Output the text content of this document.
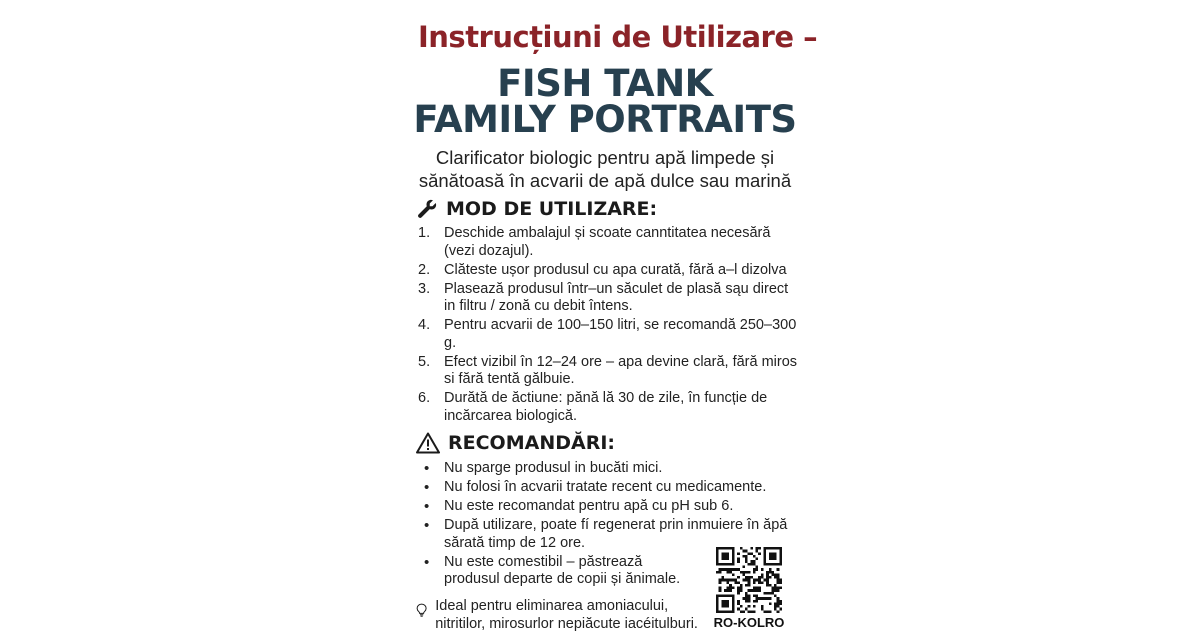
Instrucțiuni de Utilizare –
FISH TANK
FAMILY PORTRAITS
Clarificator biologic pentru apă limpede și
sănătoasă în acvarii de apă dulce sau marină
MOD DE UTILIZARE:
1. Deschide ambalajul și scoate canntitatea necesără (vezi dozajul).
2. Clăteste ușor produsul cu apa curată, fără a–l dizolva
3. Plasează produsul într–un săculet de plasă sąu direct in filtru / zonă cu debit întens.
4. Pentru acvarii de 100–150 litri, se recomandă 250–300 g.
5. Efect vizibil în 12–24 ore – apa devine clară, fără miros si fără tentă gălbuie.
6. Durătă de ăctiune: pănă lă 30 de zile, în funcție de incărcarea biologică.
RECOMANDĂRI:
• Nu sparge produsul in bucăti mici.
• Nu folosi în acvarii tratate recent cu medicamente.
• Nu este recomandat pentru apă cu pH sub 6.
• După utilizare, poate fí regenerat prin inmuiere în ăpă sărată timp de 12 ore.
• Nu este comestibil – păstrează produsul departe de copii și ănimale.
Ideal pentru eliminarea amoniacului, nitritilor, mirosurlor nepiăcute iacéitulburi.	RO-KOLRO
